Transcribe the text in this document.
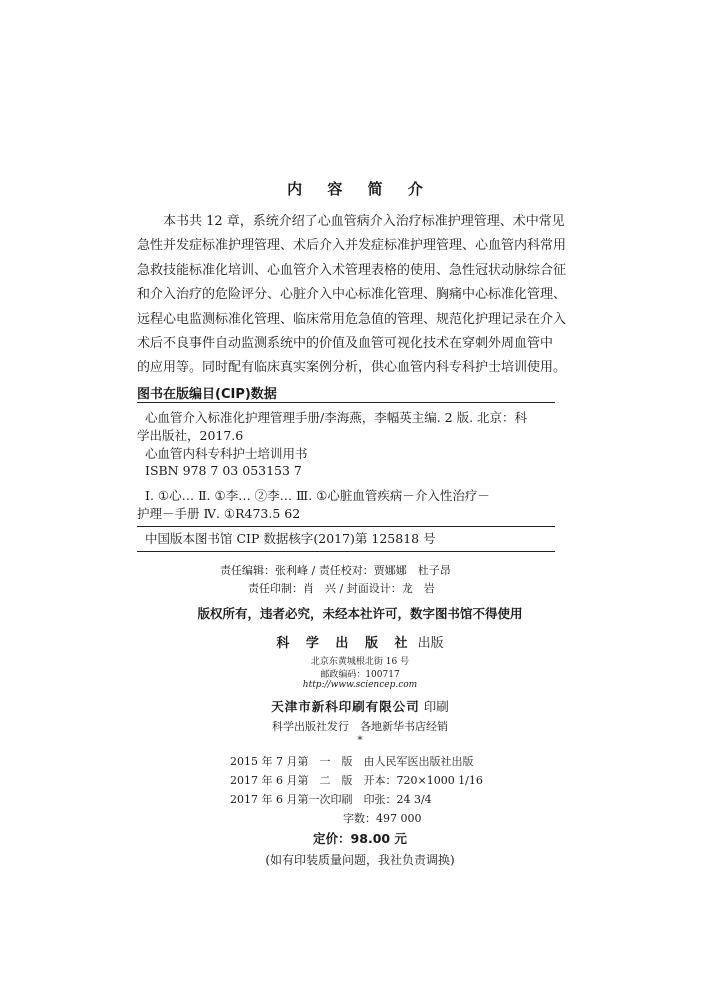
内 容 简 介
本书共 12 章，系统介绍了心血管病介入治疗标准护理管理、术中常见
急性并发症标准护理管理、术后介入并发症标准护理管理、心血管内科常用
急救技能标准化培训、心血管介入术管理表格的使用、急性冠状动脉综合征
和介入治疗的危险评分、心脏介入中心标准化管理、胸痛中心标准化管理、
远程心电监测标准化管理、临床常用危急值的管理、规范化护理记录在介入
术后不良事件自动监测系统中的价值及血管可视化技术在穿刺外周血管中
的应用等。同时配有临床真实案例分析，供心血管内科专科护士培训使用。
图书在版编目(CIP)数据
心血管介入标准化护理管理手册/李海燕，李幅英主编. 2 版. 北京：科
学出版社，2017.6
心血管内科专科护士培训用书
ISBN 978 7 03 053153 7
Ⅰ. ①心… Ⅱ. ①李… ②李… Ⅲ. ①心脏血管疾病－介入性治疗－
护理－手册 Ⅳ. ①R473.5 62
中国版本图书馆 CIP 数据核字(2017)第 125818 号
责任编辑：张利峰 / 责任校对：贾娜娜　杜子昂
责任印制：肖　兴 / 封面设计：龙　岩
版权所有，违者必究，未经本社许可，数字图书馆不得使用
科 学 出 版 社 出版
北京东黄城根北街 16 号
邮政编码：100717
http://www.sciencep.com
天津市新科印刷有限公司 印刷
科学出版社发行　各地新华书店经销
*
2015 年 7 月第　一　版　由人民军医出版社出版
2017 年 6 月第　二　版　开本：720×1000 1/16
2017 年 6 月第一次印刷　印张：24 3/4
字数：497 000
定价：98.00 元
(如有印装质量问题，我社负责调换)
